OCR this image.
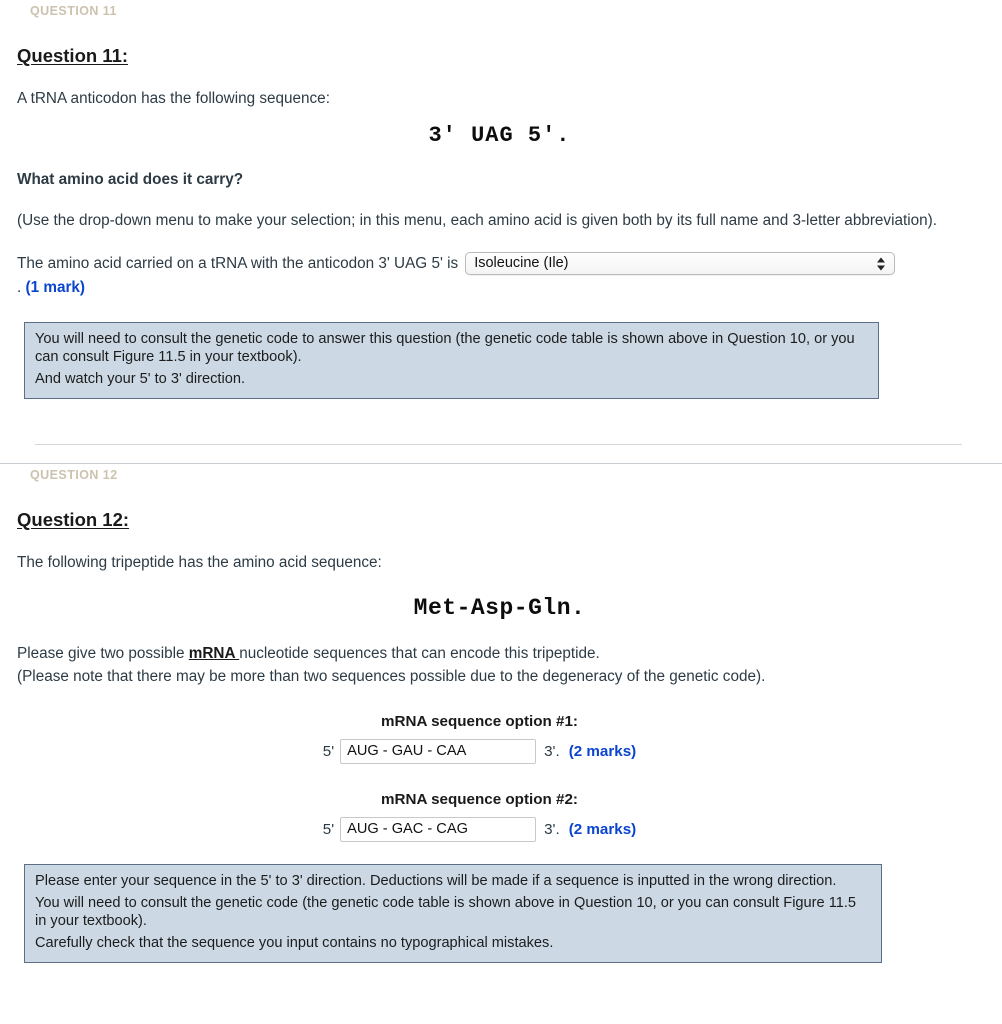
QUESTION 11
Question 11:

A tRNA anticodon has the following sequence:

3' UAG 5'.

What amino acid does it carry?

(Use the drop-down menu to make your selection; in this menu, each amino acid is given both by its full name and 3-letter abbreviation).

The amino acid carried on a tRNA with the anticodon 3' UAG 5' is
Isoleucine (Ile)
. (1 mark)

You will need to consult the genetic code to answer this question (the genetic code table is shown above in Question 10, or you can consult Figure 11.5 in your textbook).

And watch your 5' to 3' direction.

QUESTION 12
Question 12:

The following tripeptide has the amino acid sequence:

Met-Asp-Gln.

Please give two possible mRNA nucleotide sequences that can encode this tripeptide.

(Please note that there may be more than two sequences possible due to the degeneracy of the genetic code).

mRNA sequence option #1:
5'
AUG - GAU - CAA	3'. (2 marks)
mRNA sequence option #2:
5'
AUG - GAC - CAG	3'. (2 marks)

Please enter your sequence in the 5' to 3' direction. Deductions will be made if a sequence is inputted in the wrong direction.

You will need to consult the genetic code (the genetic code table is shown above in Question 10, or you can consult Figure 11.5 in your textbook).

Carefully check that the sequence you input contains no typographical mistakes.
